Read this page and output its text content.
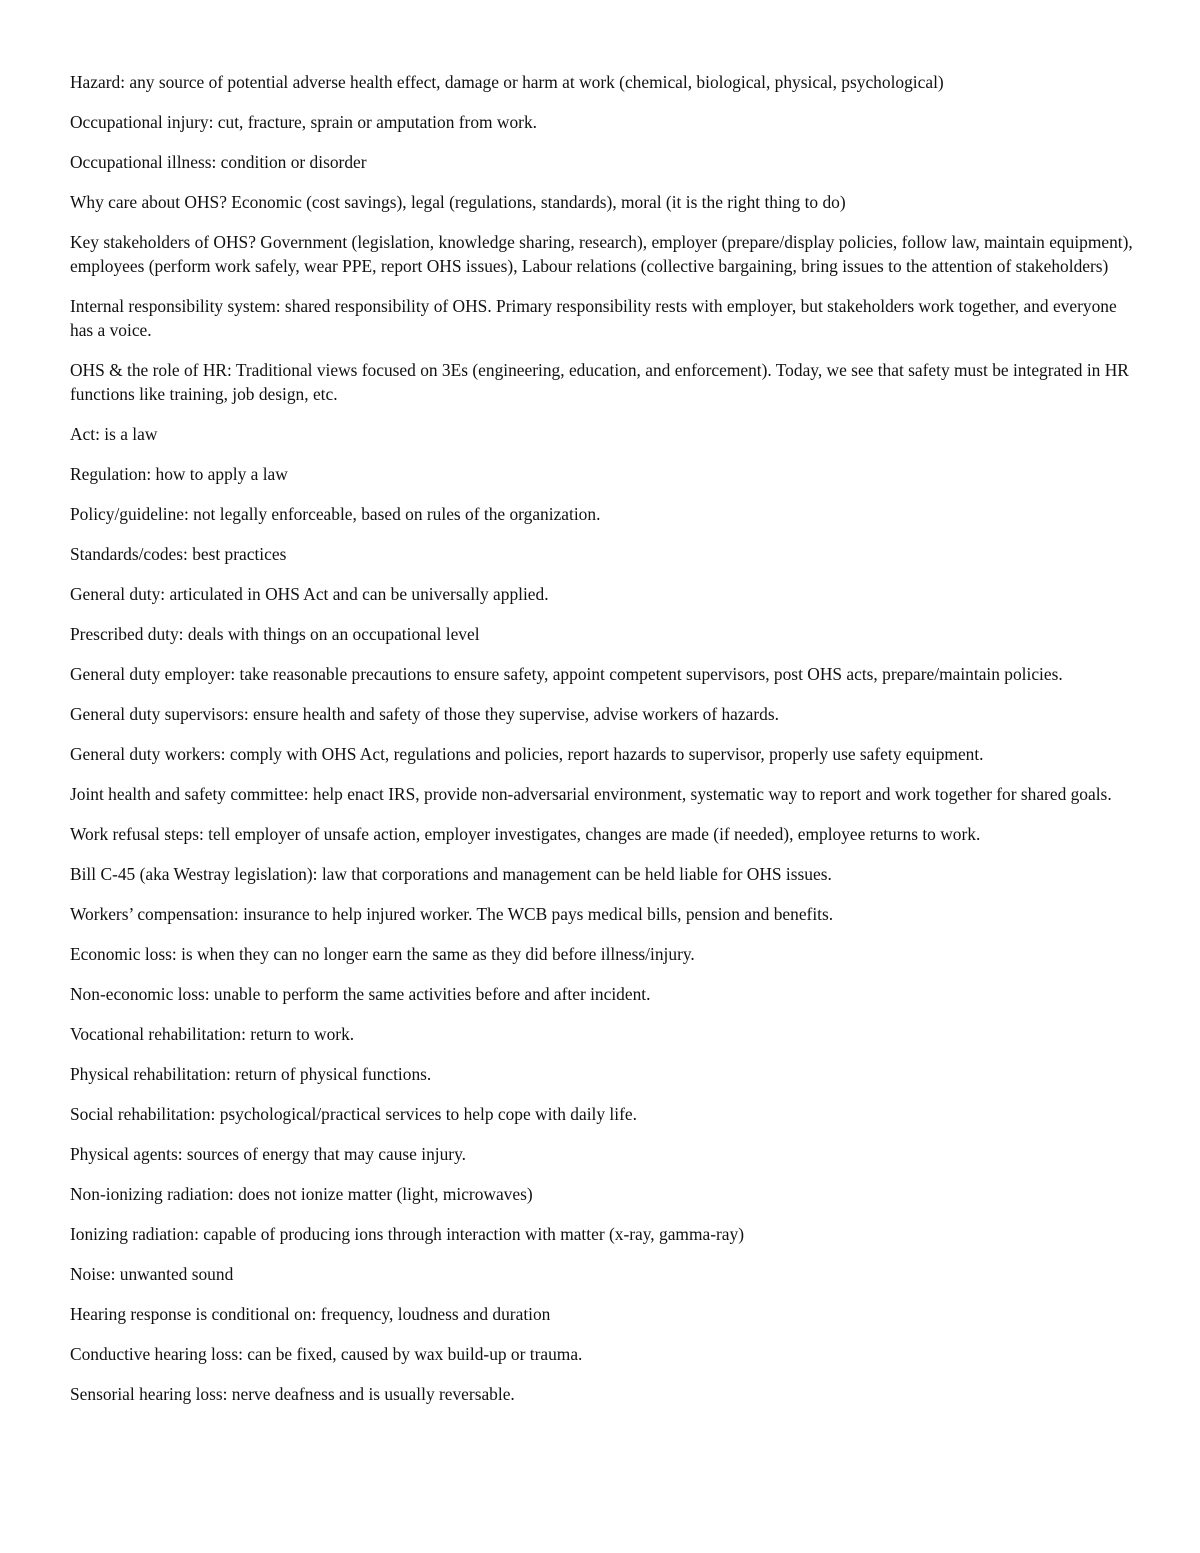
Hazard: any source of potential adverse health effect, damage or harm at work (chemical, biological, physical, psychological)

Occupational injury: cut, fracture, sprain or amputation from work.

Occupational illness: condition or disorder

Why care about OHS? Economic (cost savings), legal (regulations, standards), moral (it is the right thing to do)

Key stakeholders of OHS? Government (legislation, knowledge sharing, research), employer (prepare/display policies, follow law, maintain equipment), employees (perform work safely, wear PPE, report OHS issues), Labour relations (collective bargaining, bring issues to the attention of stakeholders)

Internal responsibility system: shared responsibility of OHS. Primary responsibility rests with employer, but stakeholders work together, and everyone has a voice.

OHS & the role of HR: Traditional views focused on 3Es (engineering, education, and enforcement). Today, we see that safety must be integrated in HR functions like training, job design, etc.

Act: is a law

Regulation: how to apply a law

Policy/guideline: not legally enforceable, based on rules of the organization.

Standards/codes: best practices

General duty: articulated in OHS Act and can be universally applied.

Prescribed duty: deals with things on an occupational level

General duty employer: take reasonable precautions to ensure safety, appoint competent supervisors, post OHS acts, prepare/maintain policies.

General duty supervisors: ensure health and safety of those they supervise, advise workers of hazards.

General duty workers: comply with OHS Act, regulations and policies, report hazards to supervisor, properly use safety equipment.

Joint health and safety committee: help enact IRS, provide non-adversarial environment, systematic way to report and work together for shared goals.

Work refusal steps: tell employer of unsafe action, employer investigates, changes are made (if needed), employee returns to work.

Bill C-45 (aka Westray legislation): law that corporations and management can be held liable for OHS issues.

Workers’ compensation: insurance to help injured worker. The WCB pays medical bills, pension and benefits.

Economic loss: is when they can no longer earn the same as they did before illness/injury.

Non-economic loss: unable to perform the same activities before and after incident.

Vocational rehabilitation: return to work.

Physical rehabilitation: return of physical functions.

Social rehabilitation: psychological/practical services to help cope with daily life.

Physical agents: sources of energy that may cause injury.

Non-ionizing radiation: does not ionize matter (light, microwaves)

Ionizing radiation: capable of producing ions through interaction with matter (x-ray, gamma-ray)

Noise: unwanted sound

Hearing response is conditional on: frequency, loudness and duration

Conductive hearing loss: can be fixed, caused by wax build-up or trauma.

Sensorial hearing loss: nerve deafness and is usually reversable.
